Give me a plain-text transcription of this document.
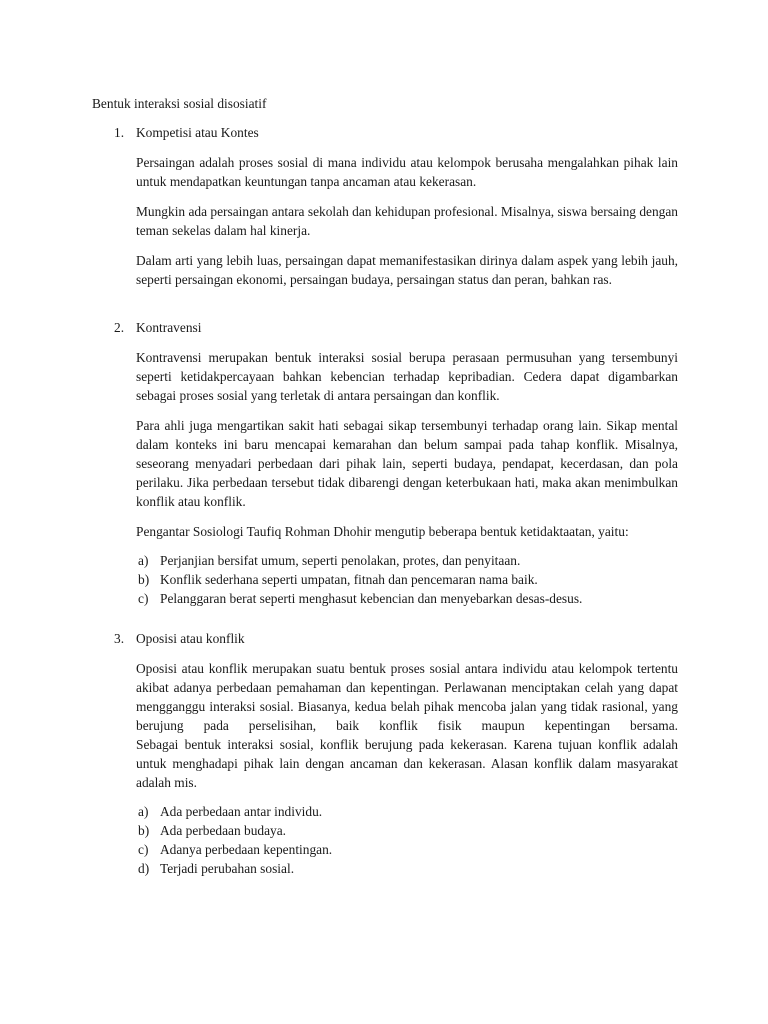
Bentuk interaksi sosial disosiatif
1. Kompetisi atau Kontes

Persaingan adalah proses sosial di mana individu atau kelompok berusaha mengalahkan pihak lain untuk mendapatkan keuntungan tanpa ancaman atau kekerasan.

Mungkin ada persaingan antara sekolah dan kehidupan profesional. Misalnya, siswa bersaing dengan teman sekelas dalam hal kinerja.

Dalam arti yang lebih luas, persaingan dapat memanifestasikan dirinya dalam aspek yang lebih jauh, seperti persaingan ekonomi, persaingan budaya, persaingan status dan peran, bahkan ras.

2. Kontravensi

Kontravensi merupakan bentuk interaksi sosial berupa perasaan permusuhan yang tersembunyi seperti ketidakpercayaan bahkan kebencian terhadap kepribadian. Cedera dapat digambarkan sebagai proses sosial yang terletak di antara persaingan dan konflik.

Para ahli juga mengartikan sakit hati sebagai sikap tersembunyi terhadap orang lain. Sikap mental dalam konteks ini baru mencapai kemarahan dan belum sampai pada tahap konflik. Misalnya, seseorang menyadari perbedaan dari pihak lain, seperti budaya, pendapat, kecerdasan, dan pola perilaku. Jika perbedaan tersebut tidak dibarengi dengan keterbukaan hati, maka akan menimbulkan konflik atau konflik.

Pengantar Sosiologi Taufiq Rohman Dhohir mengutip beberapa bentuk ketidaktaatan, yaitu:

a) Perjanjian bersifat umum, seperti penolakan, protes, dan penyitaan.
b) Konflik sederhana seperti umpatan, fitnah dan pencemaran nama baik.
c) Pelanggaran berat seperti menghasut kebencian dan menyebarkan desas-desus.
3. Oposisi atau konflik

Oposisi atau konflik merupakan suatu bentuk proses sosial antara individu atau kelompok tertentu akibat adanya perbedaan pemahaman dan kepentingan. Perlawanan menciptakan celah yang dapat mengganggu interaksi sosial. Biasanya, kedua belah pihak mencoba jalan yang tidak rasional, yang berujung pada perselisihan, baik konflik fisik maupun kepentingan bersama.

Sebagai bentuk interaksi sosial, konflik berujung pada kekerasan. Karena tujuan konflik adalah untuk menghadapi pihak lain dengan ancaman dan kekerasan. Alasan konflik dalam masyarakat adalah mis.

a) Ada perbedaan antar individu.
b) Ada perbedaan budaya.
c) Adanya perbedaan kepentingan.
d) Terjadi perubahan sosial.
